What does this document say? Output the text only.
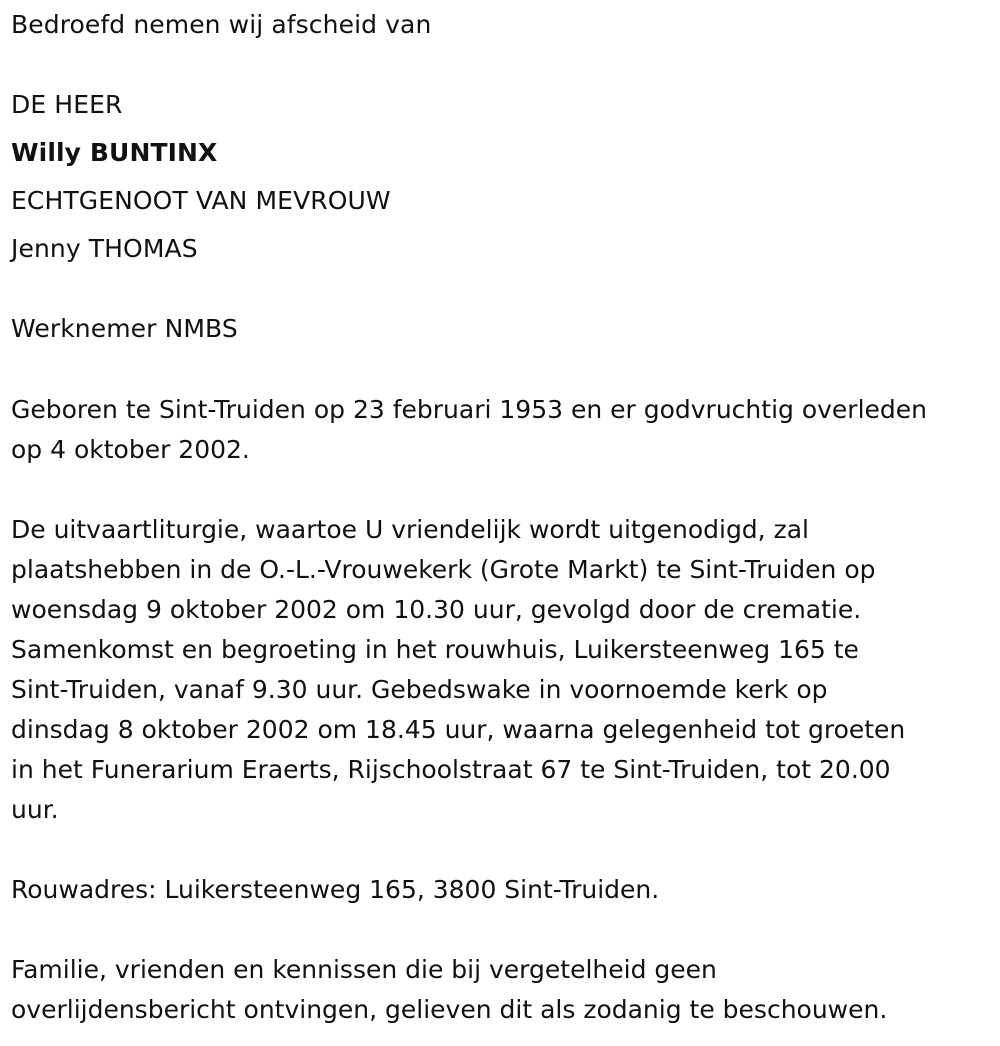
Bedroefd nemen wij afscheid van
DE HEER
Willy BUNTINX
ECHTGENOOT VAN MEVROUW
Jenny THOMAS
Werknemer NMBS
Geboren te Sint-Truiden op 23 februari 1953 en er godvruchtig overleden
op 4 oktober 2002.
De uitvaartliturgie, waartoe U vriendelijk wordt uitgenodigd, zal
plaatshebben in de O.-L.-Vrouwekerk (Grote Markt) te Sint-Truiden op
woensdag 9 oktober 2002 om 10.30 uur, gevolgd door de crematie.
Samenkomst en begroeting in het rouwhuis, Luikersteenweg 165 te
Sint-Truiden, vanaf 9.30 uur. Gebedswake in voornoemde kerk op
dinsdag 8 oktober 2002 om 18.45 uur, waarna gelegenheid tot groeten
in het Funerarium Eraerts, Rijschoolstraat 67 te Sint-Truiden, tot 20.00
uur.
Rouwadres: Luikersteenweg 165, 3800 Sint-Truiden.
Familie, vrienden en kennissen die bij vergetelheid geen
overlijdensbericht ontvingen, gelieven dit als zodanig te beschouwen.
